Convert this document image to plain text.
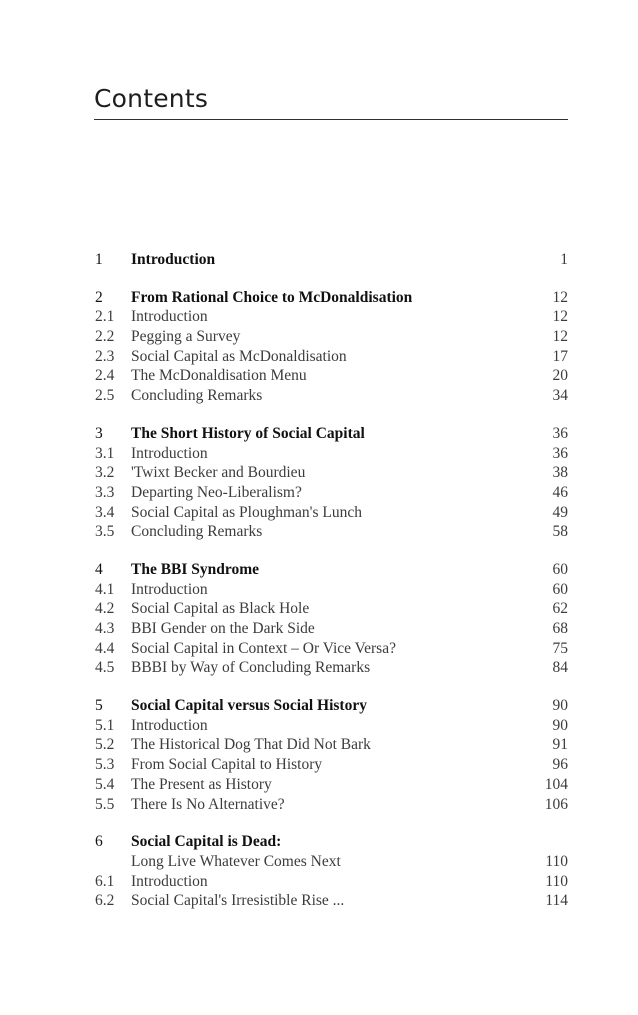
Contents
1	Introduction	1
2	From Rational Choice to McDonaldisation	12
2.1	Introduction	12
2.2	Pegging a Survey	12
2.3	Social Capital as McDonaldisation	17
2.4	The McDonaldisation Menu	20
2.5	Concluding Remarks	34
3	The Short History of Social Capital	36
3.1	Introduction	36
3.2	'Twixt Becker and Bourdieu	38
3.3	Departing Neo-Liberalism?	46
3.4	Social Capital as Ploughman's Lunch	49
3.5	Concluding Remarks	58
4	The BBI Syndrome	60
4.1	Introduction	60
4.2	Social Capital as Black Hole	62
4.3	BBI Gender on the Dark Side	68
4.4	Social Capital in Context – Or Vice Versa?	75
4.5	BBBI by Way of Concluding Remarks	84
5	Social Capital versus Social History	90
5.1	Introduction	90
5.2	The Historical Dog That Did Not Bark	91
5.3	From Social Capital to History	96
5.4	The Present as History	104
5.5	There Is No Alternative?	106
6	Social Capital is Dead:
Long Live Whatever Comes Next	110
6.1	Introduction	110
6.2	Social Capital's Irresistible Rise ...	114
